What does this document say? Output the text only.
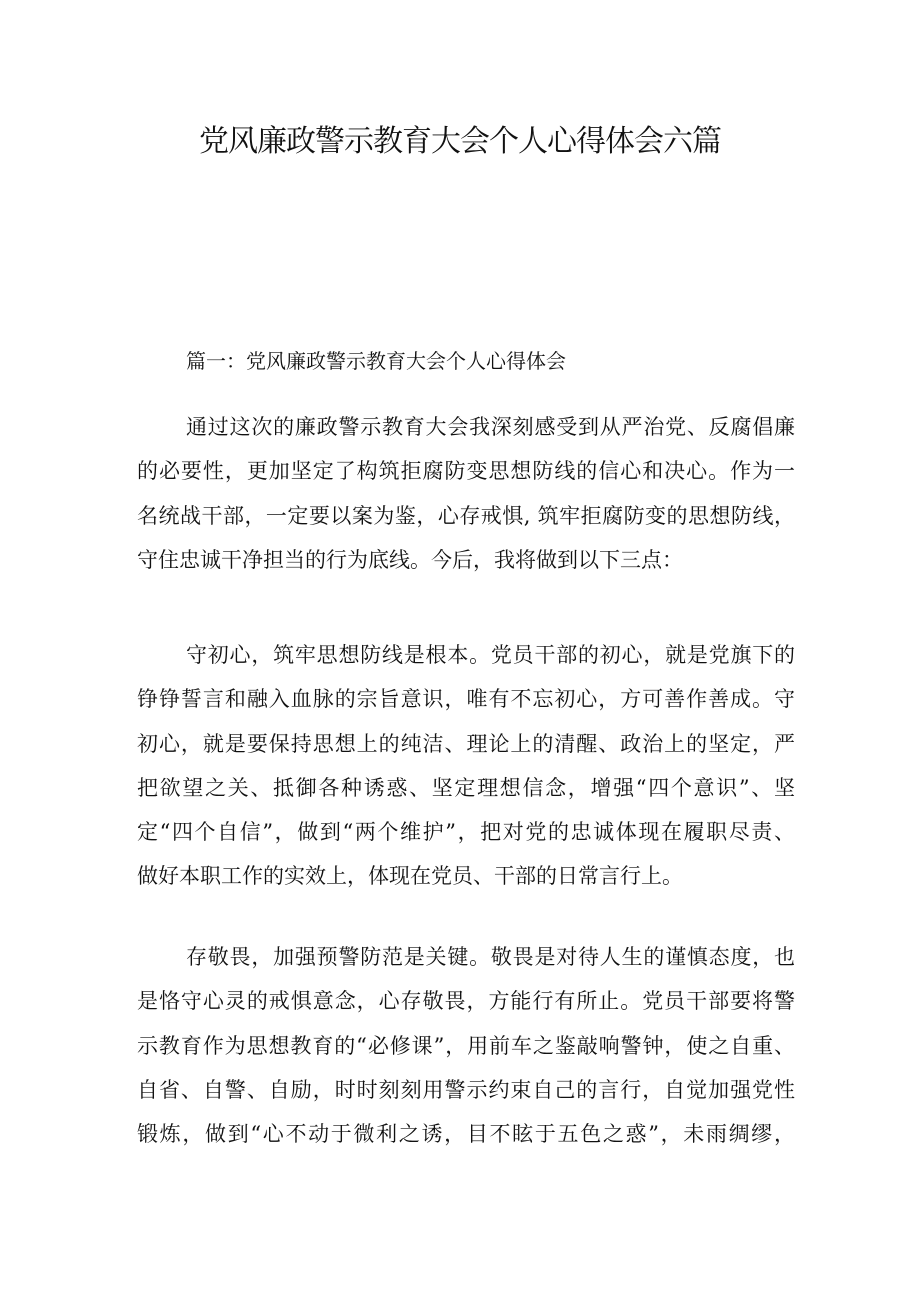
党风廉政警示教育大会个人心得体会六篇
篇一：党风廉政警示教育大会个人心得体会
通过这次的廉政警示教育大会我深刻感受到从严治党、反腐倡廉
的必要性，更加坚定了构筑拒腐防变思想防线的信心和决心。作为一
名统战干部，一定要以案为鉴，心存戒惧, 筑牢拒腐防变的思想防线，
守住忠诚干净担当的行为底线。今后，我将做到以下三点：
守初心，筑牢思想防线是根本。党员干部的初心，就是党旗下的
铮铮誓言和融入血脉的宗旨意识，唯有不忘初心，方可善作善成。守
初心，就是要保持思想上的纯洁、理论上的清醒、政治上的坚定，严
把欲望之关、抵御各种诱惑、坚定理想信念，增强“四个意识”、坚
定“四个自信”，做到“两个维护”，把对党的忠诚体现在履职尽责、
做好本职工作的实效上，体现在党员、干部的日常言行上。
存敬畏，加强预警防范是关键。敬畏是对待人生的谨慎态度，也
是恪守心灵的戒惧意念，心存敬畏，方能行有所止。党员干部要将警
示教育作为思想教育的“必修课”，用前车之鉴敲响警钟，使之自重、
自省、自警、自励，时时刻刻用警示约束自己的言行，自觉加强党性
锻炼，做到“心不动于微利之诱，目不眩于五色之惑”，未雨绸缪，
